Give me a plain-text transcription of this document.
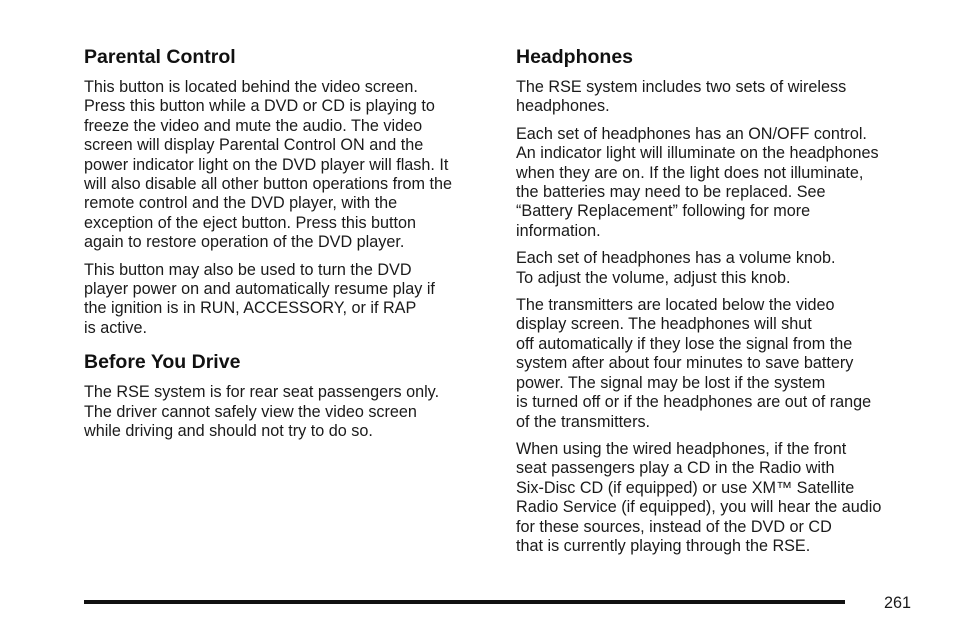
Parental Control

This button is located behind the video screen.
Press this button while a DVD or CD is playing to
freeze the video and mute the audio. The video
screen will display Parental Control ON and the
power indicator light on the DVD player will flash. It
will also disable all other button operations from the
remote control and the DVD player, with the
exception of the eject button. Press this button
again to restore operation of the DVD player.

This button may also be used to turn the DVD
player power on and automatically resume play if
the ignition is in RUN, ACCESSORY, or if RAP
is active.

Before You Drive

The RSE system is for rear seat passengers only.
The driver cannot safely view the video screen
while driving and should not try to do so.

Headphones

The RSE system includes two sets of wireless
headphones.

Each set of headphones has an ON/OFF control.
An indicator light will illuminate on the headphones
when they are on. If the light does not illuminate,
the batteries may need to be replaced. See
“Battery Replacement” following for more
information.

Each set of headphones has a volume knob.
To adjust the volume, adjust this knob.

The transmitters are located below the video
display screen. The headphones will shut
off automatically if they lose the signal from the
system after about four minutes to save battery
power. The signal may be lost if the system
is turned off or if the headphones are out of range
of the transmitters.

When using the wired headphones, if the front
seat passengers play a CD in the Radio with
Six-Disc CD (if equipped) or use XM™ Satellite
Radio Service (if equipped), you will hear the audio
for these sources, instead of the DVD or CD
that is currently playing through the RSE.

261
